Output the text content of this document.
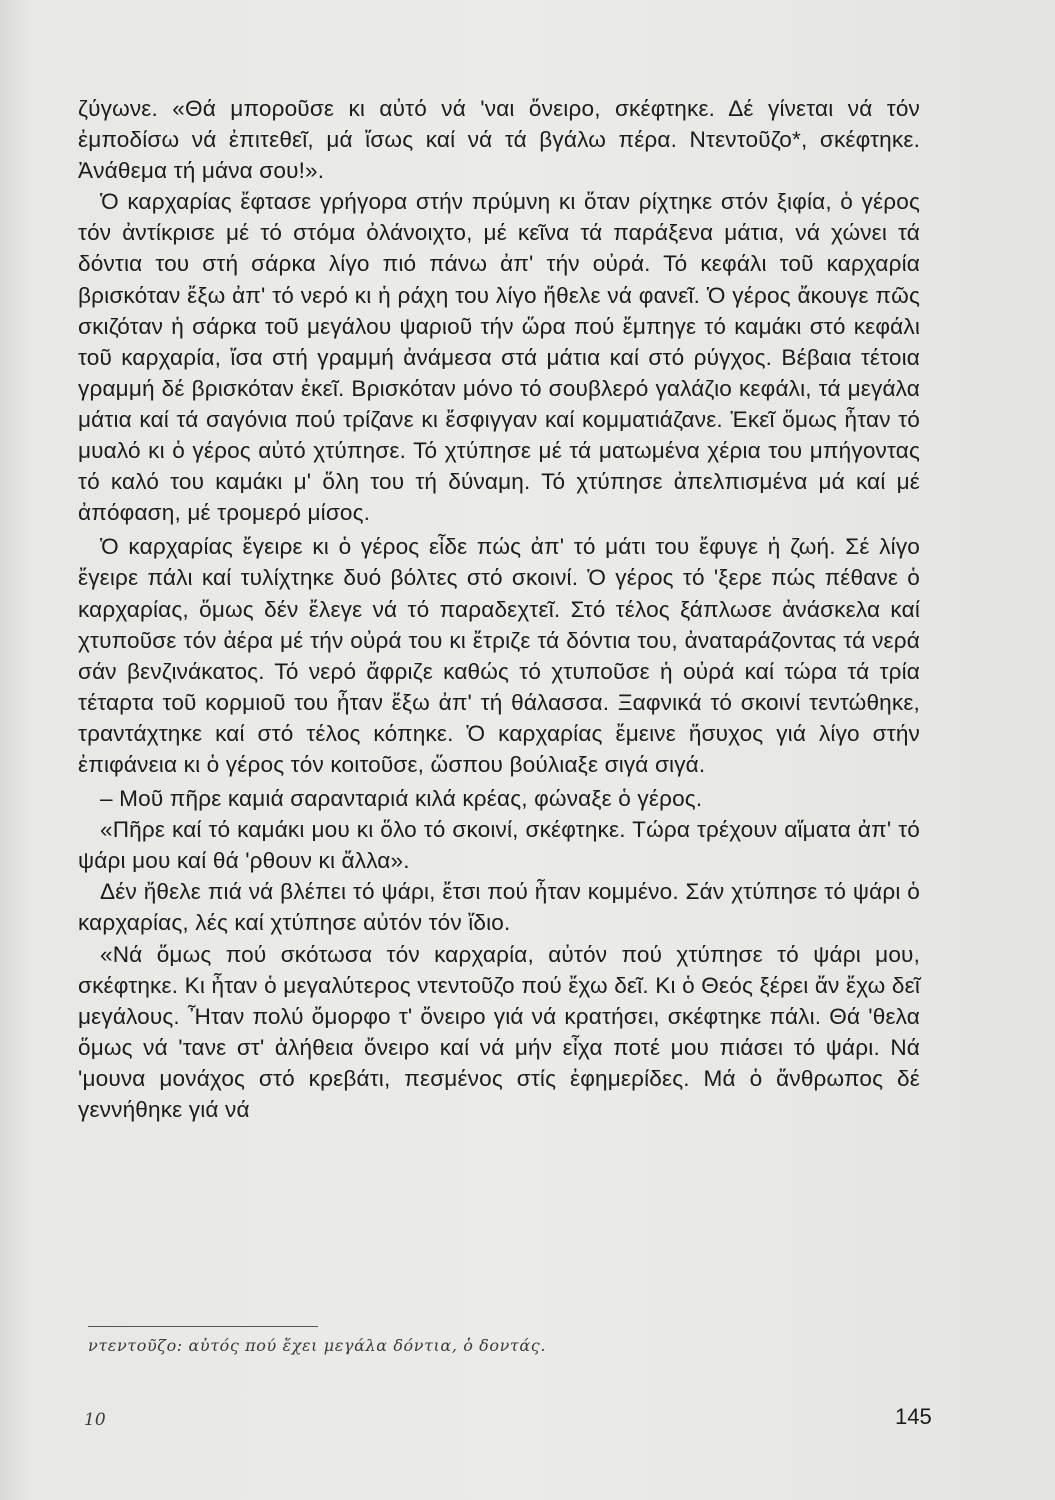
ζύγωνε. «Θά μποροῦσε κι αὐτό νά 'ναι ὄνειρο, σκέφτηκε. Δέ γίνεται νά τόν ἐμποδίσω νά ἐπιτεθεῖ, μά ἴσως καί νά τά βγάλω πέρα. Ντεντοῦζο*, σκέφτηκε. Ἀνάθεμα τή μάνα σου!».

Ὁ καρχαρίας ἔφτασε γρήγορα στήν πρύμνη κι ὅταν ρίχτηκε στόν ξιφία, ὁ γέρος τόν ἀντίκρισε μέ τό στόμα ὀλάνοιχτο, μέ κεῖνα τά παράξενα μάτια, νά χώνει τά δόντια του στή σάρκα λίγο πιό πάνω ἀπ' τήν οὐρά. Τό κεφάλι τοῦ καρχαρία βρισκόταν ἔξω ἀπ' τό νερό κι ἡ ράχη του λίγο ἤθελε νά φανεῖ. Ὁ γέρος ἄκουγε πῶς σκιζόταν ἡ σάρκα τοῦ μεγάλου ψαριοῦ τήν ὥρα πού ἔμπηγε τό καμάκι στό κεφάλι τοῦ καρχαρία, ἴσα στή γραμμή ἀνάμεσα στά μάτια καί στό ρύγχος. Βέβαια τέτοια γραμμή δέ βρισκόταν ἐκεῖ. Βρισκόταν μόνο τό σουβλερό γαλάζιο κεφάλι, τά μεγάλα μάτια καί τά σαγόνια πού τρίζανε κι ἔσφιγγαν καί κομματιάζανε. Ἐκεῖ ὅμως ἦταν τό μυαλό κι ὁ γέρος αὐτό χτύπησε. Τό χτύπησε μέ τά ματωμένα χέρια του μπήγοντας τό καλό του καμάκι μ' ὅλη του τή δύναμη. Τό χτύπησε ἀπελπισμένα μά καί μέ ἀπόφαση, μέ τρομερό μίσος.

Ὁ καρχαρίας ἔγειρε κι ὁ γέρος εἶδε πώς ἀπ' τό μάτι του ἔφυγε ἡ ζωή. Σέ λίγο ἔγειρε πάλι καί τυλίχτηκε δυό βόλτες στό σκοινί. Ὁ γέρος τό 'ξερε πώς πέθανε ὁ καρχαρίας, ὅμως δέν ἔλεγε νά τό παραδεχτεῖ. Στό τέλος ξάπλωσε ἀνάσκελα καί χτυποῦσε τόν ἀέρα μέ τήν οὐρά του κι ἔτριζε τά δόντια του, ἀναταράζοντας τά νερά σάν βενζινάκατος. Τό νερό ἄφριζε καθώς τό χτυποῦσε ἡ οὐρά καί τώρα τά τρία τέταρτα τοῦ κορμιοῦ του ἦταν ἔξω ἀπ' τή θάλασσα. Ξαφνικά τό σκοινί τεντώθηκε, τραντάχτηκε καί στό τέλος κόπηκε. Ὁ καρχαρίας ἔμεινε ἥσυχος γιά λίγο στήν ἐπιφάνεια κι ὁ γέρος τόν κοιτοῦσε, ὥσπου βούλιαξε σιγά σιγά.

– Μοῦ πῆρε καμιά σαρανταριά κιλά κρέας, φώναξε ὁ γέρος.

«Πῆρε καί τό καμάκι μου κι ὅλο τό σκοινί, σκέφτηκε. Τώρα τρέχουν αἵματα ἀπ' τό ψάρι μου καί θά 'ρθουν κι ἄλλα».

Δέν ἤθελε πιά νά βλέπει τό ψάρι, ἔτσι πού ἦταν κομμένο. Σάν χτύπησε τό ψάρι ὁ καρχαρίας, λές καί χτύπησε αὐτόν τόν ἴδιο.

«Νά ὅμως πού σκότωσα τόν καρχαρία, αὐτόν πού χτύπησε τό ψάρι μου, σκέφτηκε. Κι ἦταν ὁ μεγαλύτερος ντεντοῦζο πού ἔχω δεῖ. Κι ὁ Θεός ξέρει ἄν ἔχω δεῖ μεγάλους. Ἦταν πολύ ὄμορφο τ' ὄνειρο γιά νά κρατήσει, σκέφτηκε πάλι. Θά 'θελα ὅμως νά 'τανε στ' ἀλήθεια ὄνειρο καί νά μήν εἶχα ποτέ μου πιάσει τό ψάρι. Νά 'μουνα μονάχος στό κρεβάτι, πεσμένος στίς ἐφημερίδες. Μά ὁ ἄνθρωπος δέ γεννήθηκε γιά νά

ντεντοῦζο: αὐτός πού ἔχει μεγάλα δόντια, ὁ δοντάς.
10	145
